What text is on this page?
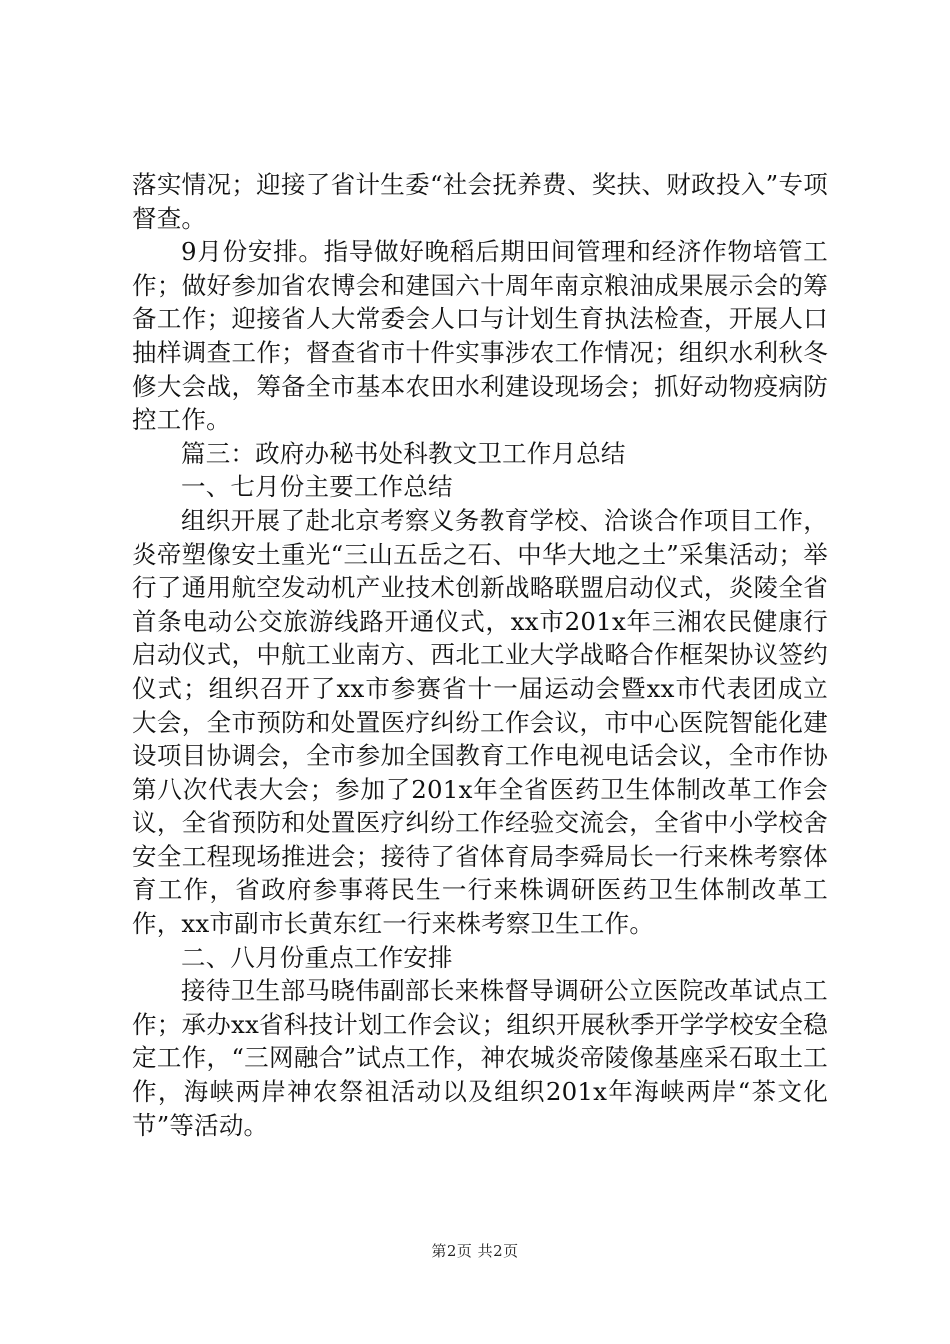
落实情况；迎接了省计生委“社会抚养费、奖扶、财政投入”专项督查。

9月份安排。指导做好晚稻后期田间管理和经济作物培管工作；做好参加省农博会和建国六十周年南京粮油成果展示会的筹备工作；迎接省人大常委会人口与计划生育执法检查，开展人口抽样调查工作；督查省市十件实事涉农工作情况；组织水利秋冬修大会战，筹备全市基本农田水利建设现场会；抓好动物疫病防控工作。

篇三：政府办秘书处科教文卫工作月总结

一、七月份主要工作总结

组织开展了赴北京考察义务教育学校、洽谈合作项目工作，炎帝塑像安土重光“三山五岳之石、中华大地之土”采集活动；举行了通用航空发动机产业技术创新战略联盟启动仪式，炎陵全省首条电动公交旅游线路开通仪式，xx市201x年三湘农民健康行启动仪式，中航工业南方、西北工业大学战略合作框架协议签约仪式；组织召开了xx市参赛省十一届运动会暨xx市代表团成立大会，全市预防和处置医疗纠纷工作会议，市中心医院智能化建设项目协调会，全市参加全国教育工作电视电话会议，全市作协第八次代表大会；参加了201x年全省医药卫生体制改革工作会议，全省预防和处置医疗纠纷工作经验交流会，全省中小学校舍安全工程现场推进会；接待了省体育局李舜局长一行来株考察体育工作，省政府参事蒋民生一行来株调研医药卫生体制改革工作，xx市副市长黄东红一行来株考察卫生工作。

二、八月份重点工作安排

接待卫生部马晓伟副部长来株督导调研公立医院改革试点工作；承办xx省科技计划工作会议；组织开展秋季开学学校安全稳定工作，“三网融合”试点工作，神农城炎帝陵像基座采石取土工作，海峡两岸神农祭祖活动以及组织201x年海峡两岸“茶文化节”等活动。

第2页 共2页
